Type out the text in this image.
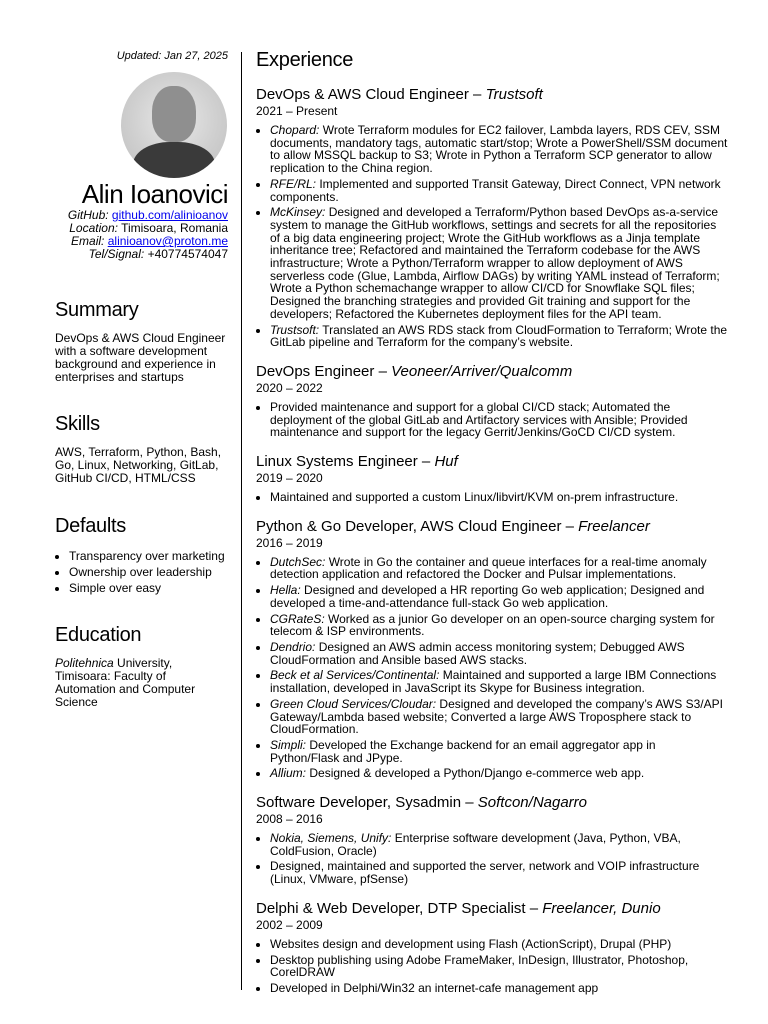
Updated: Jan 27, 2025
Alin Ioanovici
GitHub: github.com/alinioanov
Location: Timisoara, Romania
Email: alinioanov@proton.me
Tel/Signal: +40774574047
Summary

DevOps & AWS Cloud Engineer with a software development background and experience in enterprises and startups

Skills

AWS, Terraform, Python, Bash, Go, Linux, Networking, GitLab, GitHub CI/CD, HTML/CSS

Defaults
• Transparency over marketing
• Ownership over leadership
• Simple over easy
Education

Politehnica University, Timisoara: Faculty of Automation and Computer Science

Experience
DevOps & AWS Cloud Engineer – Trustsoft
2021 – Present
• Chopard: Wrote Terraform modules for EC2 failover, Lambda layers, RDS CEV, SSM documents, mandatory tags, automatic start/stop; Wrote a PowerShell/SSM document to allow MSSQL backup to S3; Wrote in Python a Terraform SCP generator to allow replication to the China region.
• RFE/RL: Implemented and supported Transit Gateway, Direct Connect, VPN network components.
• McKinsey: Designed and developed a Terraform/Python based DevOps as-a-service system to manage the GitHub workflows, settings and secrets for all the repositories of a big data engineering project; Wrote the GitHub workflows as a Jinja template inheritance tree; Refactored and maintained the Terraform codebase for the AWS infrastructure; Wrote a Python/Terraform wrapper to allow deployment of AWS serverless code (Glue, Lambda, Airflow DAGs) by writing YAML instead of Terraform; Wrote a Python schemachange wrapper to allow CI/CD for Snowflake SQL files; Designed the branching strategies and provided Git training and support for the developers; Refactored the Kubernetes deployment files for the API team.
• Trustsoft: Translated an AWS RDS stack from CloudFormation to Terraform; Wrote the GitLab pipeline and Terraform for the company’s website.
DevOps Engineer – Veoneer/Arriver/Qualcomm
2020 – 2022
• Provided maintenance and support for a global CI/CD stack; Automated the deployment of the global GitLab and Artifactory services with Ansible; Provided maintenance and support for the legacy Gerrit/Jenkins/GoCD CI/CD system.
Linux Systems Engineer – Huf
2019 – 2020
• Maintained and supported a custom Linux/libvirt/KVM on-prem infrastructure.
Python & Go Developer, AWS Cloud Engineer – Freelancer
2016 – 2019
• DutchSec: Wrote in Go the container and queue interfaces for a real-time anomaly detection application and refactored the Docker and Pulsar implementations.
• Hella: Designed and developed a HR reporting Go web application; Designed and developed a time-and-attendance full-stack Go web application.
• CGRateS: Worked as a junior Go developer on an open-source charging system for telecom & ISP environments.
• Dendrio: Designed an AWS admin access monitoring system; Debugged AWS CloudFormation and Ansible based AWS stacks.
• Beck et al Services/Continental: Maintained and supported a large IBM Connections installation, developed in JavaScript its Skype for Business integration.
• Green Cloud Services/Cloudar: Designed and developed the company’s AWS S3/API Gateway/Lambda based website; Converted a large AWS Troposphere stack to CloudFormation.
• Simpli: Developed the Exchange backend for an email aggregator app in Python/Flask and JPype.
• Allium: Designed & developed a Python/Django e-commerce web app.
Software Developer, Sysadmin – Softcon/Nagarro
2008 – 2016
• Nokia, Siemens, Unify: Enterprise software development (Java, Python, VBA, ColdFusion, Oracle)
• Designed, maintained and supported the server, network and VOIP infrastructure (Linux, VMware, pfSense)
Delphi & Web Developer, DTP Specialist – Freelancer, Dunio
2002 – 2009
• Websites design and development using Flash (ActionScript), Drupal (PHP)
• Desktop publishing using Adobe FrameMaker, InDesign, Illustrator, Photoshop, CorelDRAW
• Developed in Delphi/Win32 an internet-cafe management app
